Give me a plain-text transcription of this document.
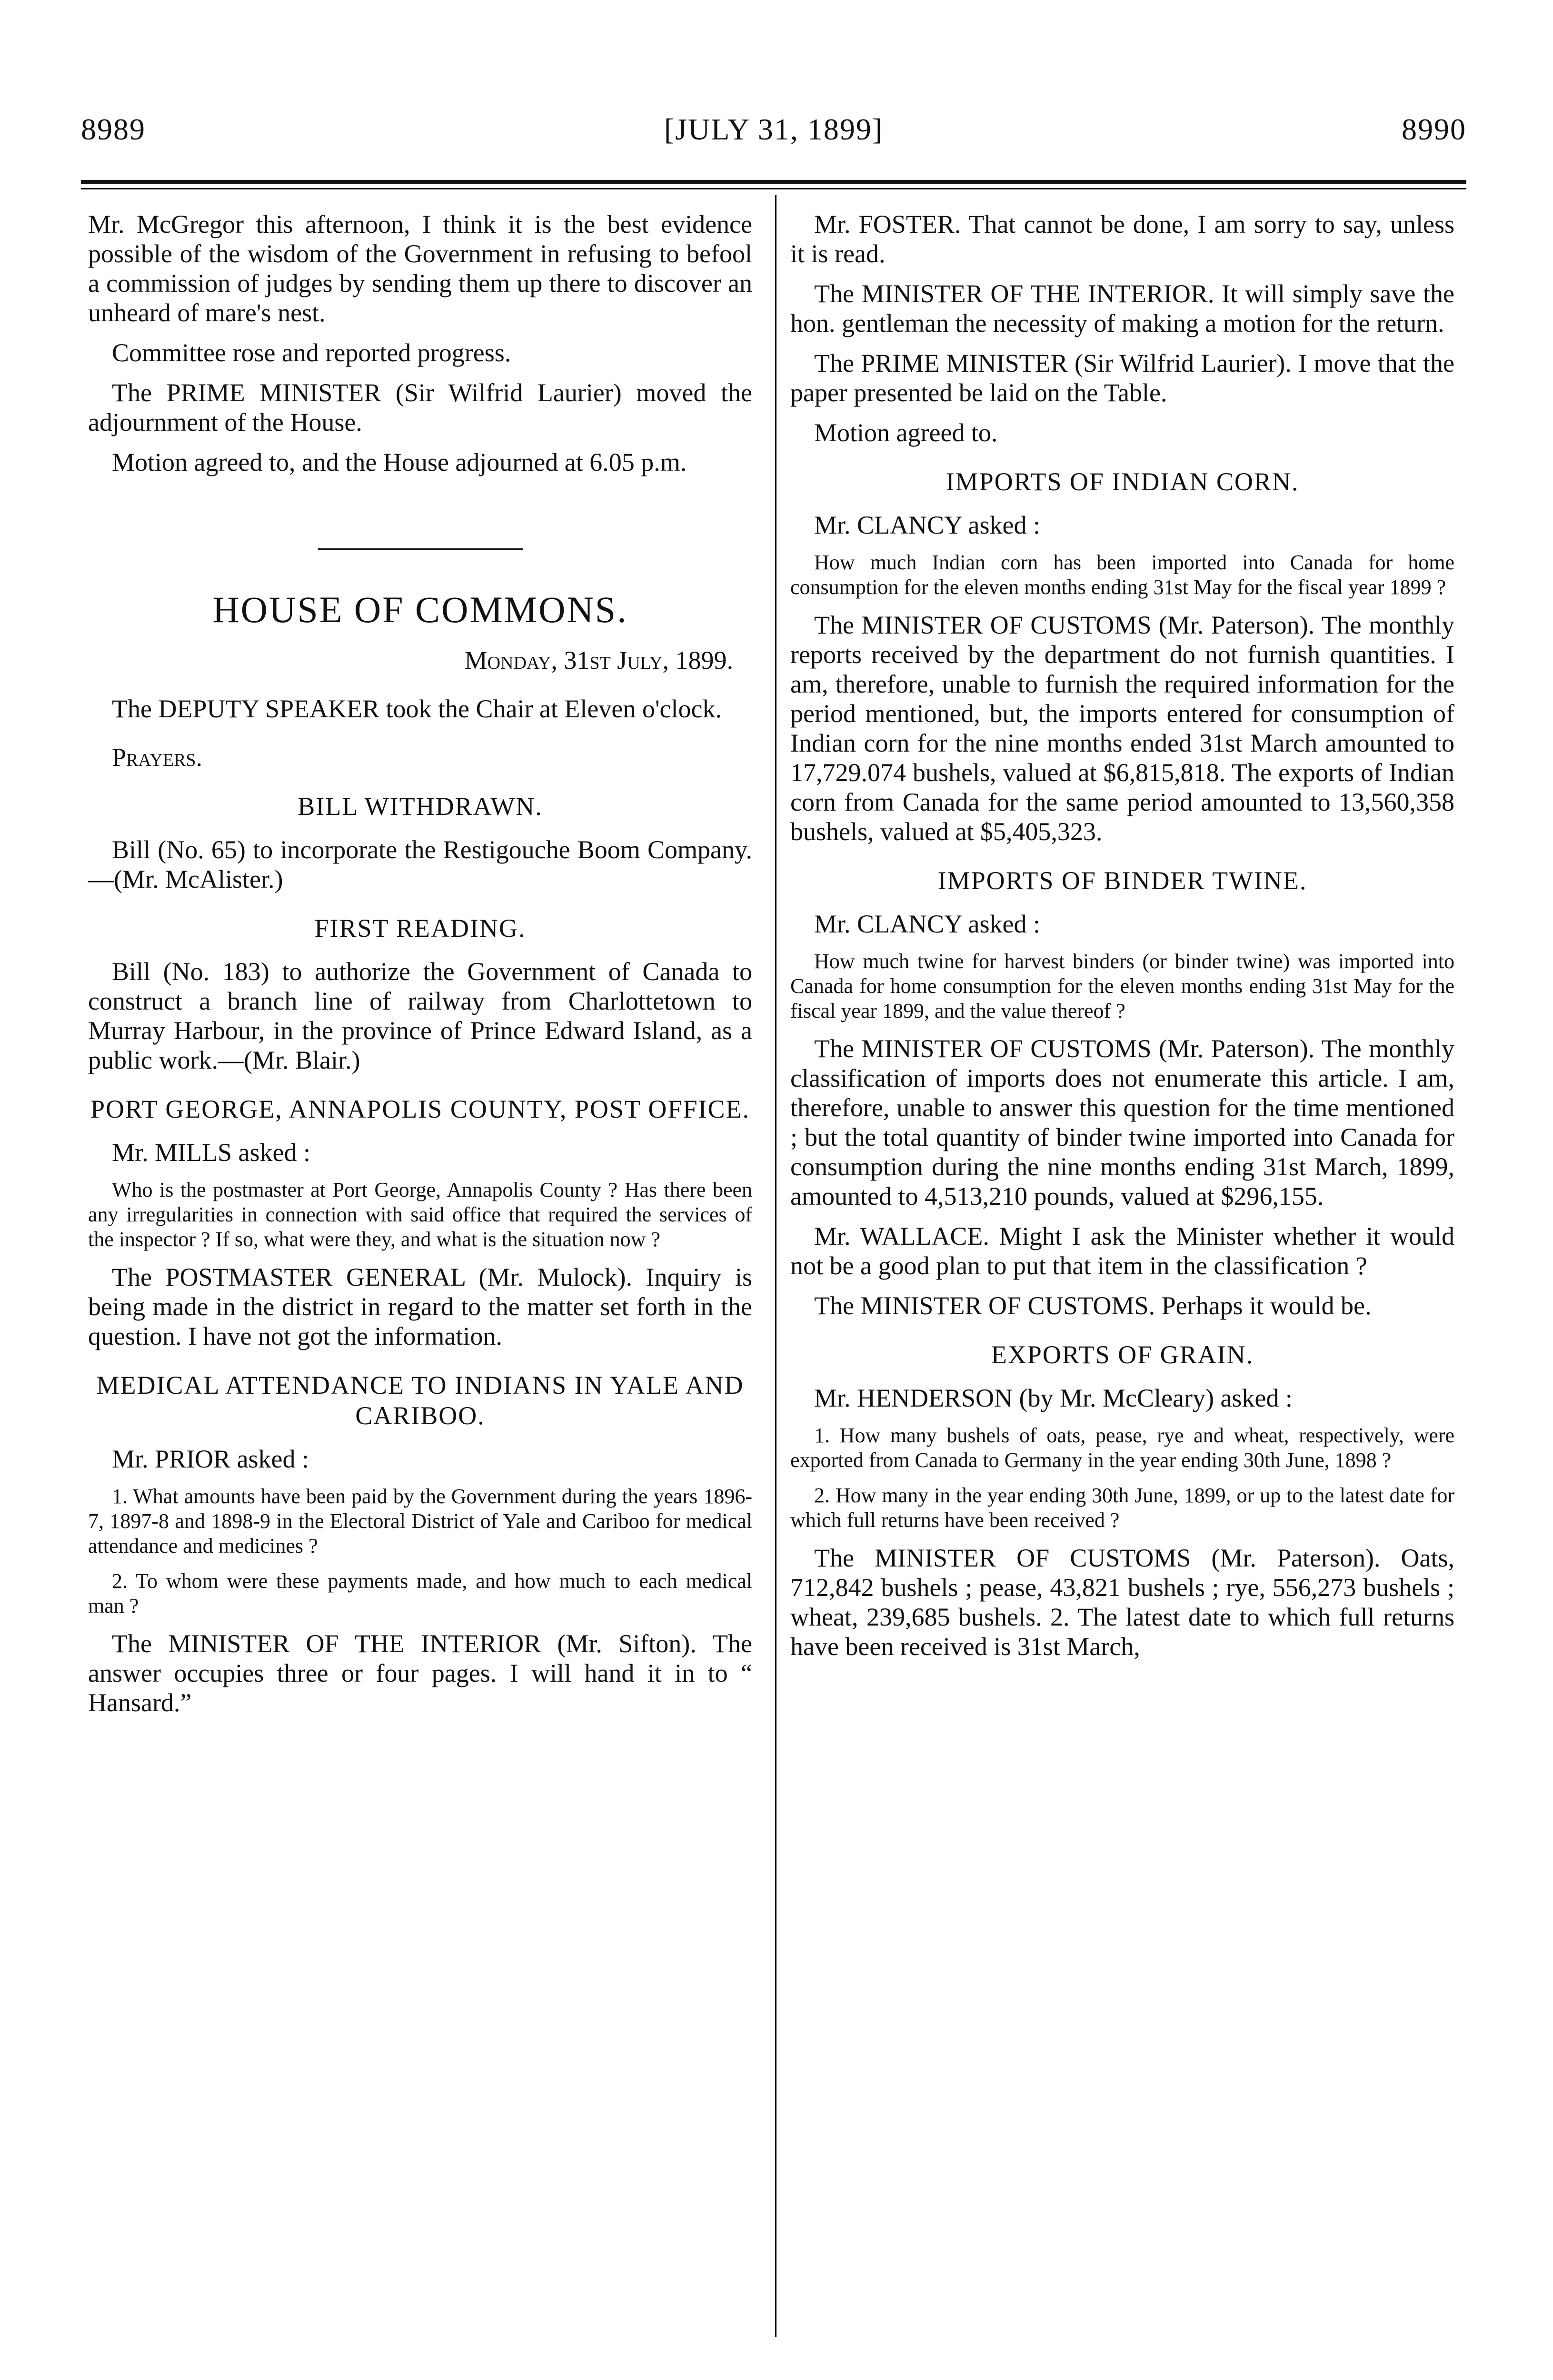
8989	[JULY 31, 1899]	8990

Mr. McGregor this afternoon, I think it is the best evidence possible of the wisdom of the Government in refusing to befool a commission of judges by sending them up there to discover an unheard of mare's nest.

Committee rose and reported progress.

The PRIME MINISTER (Sir Wilfrid Laurier) moved the adjournment of the House.

Motion agreed to, and the House adjourned at 6.05 p.m.

HOUSE OF COMMONS.

Monday, 31st July, 1899.

The DEPUTY SPEAKER took the Chair at Eleven o'clock.

Prayers.

BILL WITHDRAWN.

Bill (No. 65) to incorporate the Restigouche Boom Company.—(Mr. McAlister.)

FIRST READING.

Bill (No. 183) to authorize the Government of Canada to construct a branch line of railway from Charlottetown to Murray Harbour, in the province of Prince Edward Island, as a public work.—(Mr. Blair.)

PORT GEORGE, ANNAPOLIS COUNTY, POST OFFICE.

Mr. MILLS asked :

Who is the postmaster at Port George, Annapolis County ? Has there been any irregularities in connection with said office that required the services of the inspector ? If so, what were they, and what is the situation now ?

The POSTMASTER GENERAL (Mr. Mulock). Inquiry is being made in the district in regard to the matter set forth in the question. I have not got the information.

MEDICAL ATTENDANCE TO INDIANS IN YALE AND CARIBOO.

Mr. PRIOR asked :

1. What amounts have been paid by the Government during the years 1896-7, 1897-8 and 1898-9 in the Electoral District of Yale and Cariboo for medical attendance and medicines ?

2. To whom were these payments made, and how much to each medical man ?

The MINISTER OF THE INTERIOR (Mr. Sifton). The answer occupies three or four pages. I will hand it in to “ Hansard.”

Mr. FOSTER. That cannot be done, I am sorry to say, unless it is read.

The MINISTER OF THE INTERIOR. It will simply save the hon. gentleman the necessity of making a motion for the return.

The PRIME MINISTER (Sir Wilfrid Laurier). I move that the paper presented be laid on the Table.

Motion agreed to.

IMPORTS OF INDIAN CORN.

Mr. CLANCY asked :

How much Indian corn has been imported into Canada for home consumption for the eleven months ending 31st May for the fiscal year 1899 ?

The MINISTER OF CUSTOMS (Mr. Paterson). The monthly reports received by the department do not furnish quantities. I am, therefore, unable to furnish the required information for the period mentioned, but, the imports entered for consumption of Indian corn for the nine months ended 31st March amounted to 17,729.074 bushels, valued at $6,815,818. The exports of Indian corn from Canada for the same period amounted to 13,560,358 bushels, valued at $5,405,323.

IMPORTS OF BINDER TWINE.

Mr. CLANCY asked :

How much twine for harvest binders (or binder twine) was imported into Canada for home consumption for the eleven months ending 31st May for the fiscal year 1899, and the value thereof ?

The MINISTER OF CUSTOMS (Mr. Paterson). The monthly classification of imports does not enumerate this article. I am, therefore, unable to answer this question for the time mentioned ; but the total quantity of binder twine imported into Canada for consumption during the nine months ending 31st March, 1899, amounted to 4,513,210 pounds, valued at $296,155.

Mr. WALLACE. Might I ask the Minister whether it would not be a good plan to put that item in the classification ?

The MINISTER OF CUSTOMS. Perhaps it would be.

EXPORTS OF GRAIN.

Mr. HENDERSON (by Mr. McCleary) asked :

1. How many bushels of oats, pease, rye and wheat, respectively, were exported from Canada to Germany in the year ending 30th June, 1898 ?

2. How many in the year ending 30th June, 1899, or up to the latest date for which full returns have been received ?

The MINISTER OF CUSTOMS (Mr. Paterson). Oats, 712,842 bushels ; pease, 43,821 bushels ; rye, 556,273 bushels ; wheat, 239,685 bushels. 2. The latest date to which full returns have been received is 31st March,
